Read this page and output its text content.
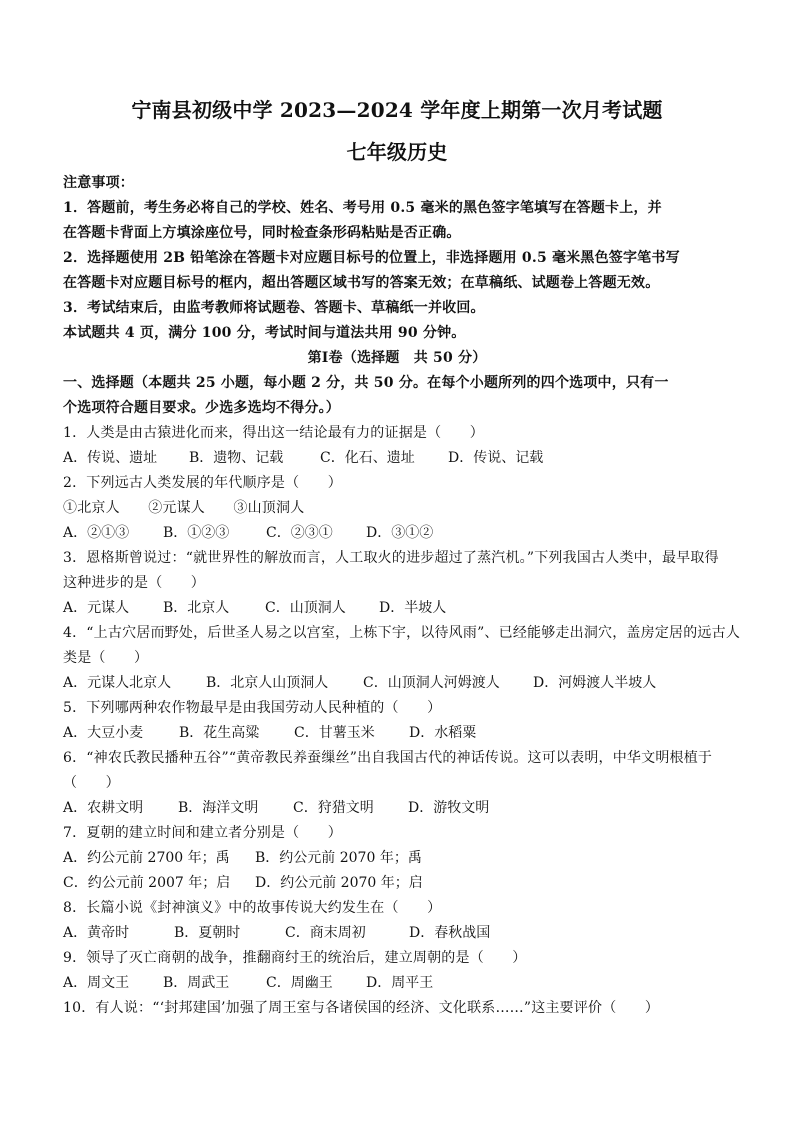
宁南县初级中学 2023—2024 学年度上期第一次月考试题
七年级历史
注意事项：
1．答题前，考生务必将自己的学校、姓名、考号用 0.5 毫米的黑色签字笔填写在答题卡上，并
在答题卡背面上方填涂座位号，同时检查条形码粘贴是否正确。
2．选择题使用 2B 铅笔涂在答题卡对应题目标号的位置上，非选择题用 0.5 毫米黑色签字笔书写
在答题卡对应题目标号的框内，超出答题区域书写的答案无效；在草稿纸、试题卷上答题无效。
3．考试结束后，由监考教师将试题卷、答题卡、草稿纸一并收回。
本试题共 4 页，满分 100 分，考试时间与道法共用 90 分钟。
第Ⅰ卷（选择题　共 50 分）
一、选择题（本题共 25 小题，每小题 2 分，共 50 分。在每个小题所列的四个选项中，只有一
个选项符合题目要求。少选多选均不得分。）
1．人类是由古猿进化而来，得出这一结论最有力的证据是（　　）
A．传说、遗址 B．遗物、记载	C．化石、遗址 D．传说、记载
2．下列远古人类发展的年代顺序是（　　）
①北京人　　②元谋人　　③山顶洞人
A．②①③ B．①②③	C．②③① D．③①②
3．恩格斯曾说过：“就世界性的解放而言，人工取火的进步超过了蒸汽机。”下列我国古人类中，最早取得
这种进步的是（　　）
A．元谋人 B．北京人	C．山顶洞人 D．半坡人
4．“上古穴居而野处，后世圣人易之以宫室，上栋下宇，以待风雨”、已经能够走出洞穴，盖房定居的远古人
类是（　　）
A．元谋人北京人 B．北京人山顶洞人 C．山顶洞人河姆渡人 D．河姆渡人半坡人
5．下列哪两种农作物最早是由我国劳动人民种植的（　　）
A．大豆小麦	B．花生高粱 C．甘薯玉米 D．水稻粟
6．“神农氏教民播种五谷”“黄帝教民养蚕缫丝”出自我国古代的神话传说。这可以表明，中华文明根植于
（　　）
A．农耕文明 B．海洋文明 C．狩猎文明 D．游牧文明
7．夏朝的建立时间和建立者分别是（　　）
A．约公元前 2700 年；禹 B．约公元前 2070 年；禹
C．约公元前 2007 年；启 D．约公元前 2070 年；启
8．长篇小说《封神演义》中的故事传说大约发生在（　　）
A．黄帝时	B．夏朝时	C．商末周初	D．春秋战国
9．领导了灭亡商朝的战争，推翻商纣王的统治后，建立周朝的是（　　）
A．周文王 B．周武王	C．周幽王 D．周平王
10．有人说：“‘封邦建国’加强了周王室与各诸侯国的经济、文化联系……”这主要评价（　　）
